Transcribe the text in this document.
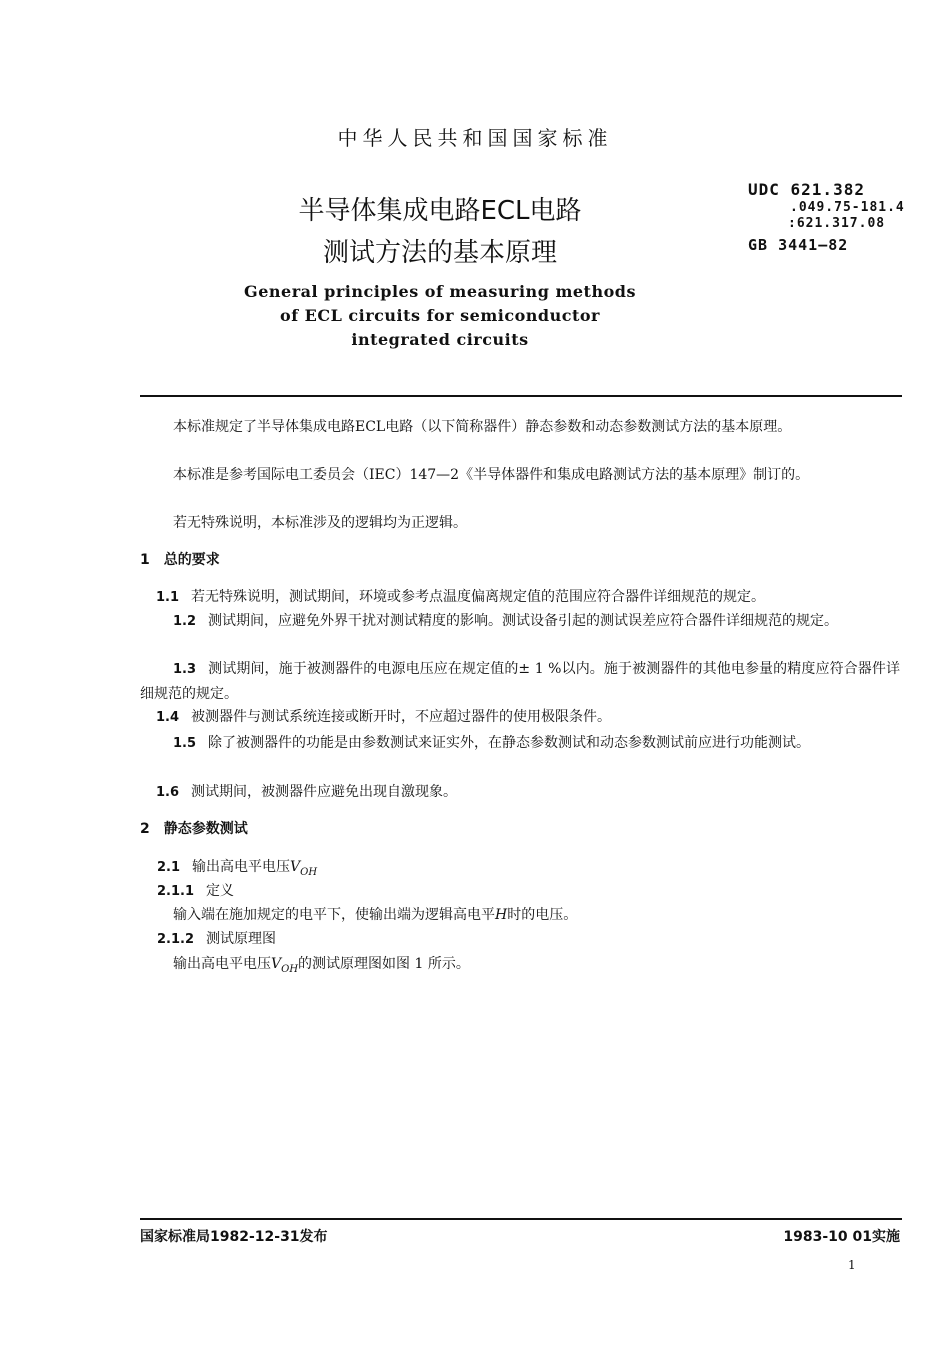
中华人民共和国国家标准
半导体集成电路ECL电路
测试方法的基本原理
UDC 621.382
.049.75-181.4
:621.317.08
GB 3441—82
General principles of measuring methods
of ECL circuits for semiconductor
integrated circuits
本标准规定了半导体集成电路ECL电路（以下简称器件）静态参数和动态参数测试方法的基本原理。
本标准是参考国际电工委员会（IEC）147—2《半导体器件和集成电路测试方法的基本原理》制订的。
若无特殊说明，本标准涉及的逻辑均为正逻辑。
1　总的要求
1.1 若无特殊说明，测试期间，环境或参考点温度偏离规定值的范围应符合器件详细规范的规定。
1.2 测试期间，应避免外界干扰对测试精度的影响。测试设备引起的测试误差应符合器件详细规范的规定。
1.3 测试期间，施于被测器件的电源电压应在规定值的± 1 %以内。施于被测器件的其他电参量的精度应符合器件详细规范的规定。
1.4 被测器件与测试系统连接或断开时，不应超过器件的使用极限条件。
1.5 除了被测器件的功能是由参数测试来证实外，在静态参数测试和动态参数测试前应进行功能测试。
1.6 测试期间，被测器件应避免出现自激现象。
2　静态参数测试
2.1 输出高电平电压$V_{OH}$
2.1.1 定义
输入端在施加规定的电平下，使输出端为逻辑高电平H时的电压。
2.1.2 测试原理图
输出高电平电压$V_{OH}$的测试原理图如图 1 所示。
国家标准局1982-12-31发布	1983-10 01实施
1
